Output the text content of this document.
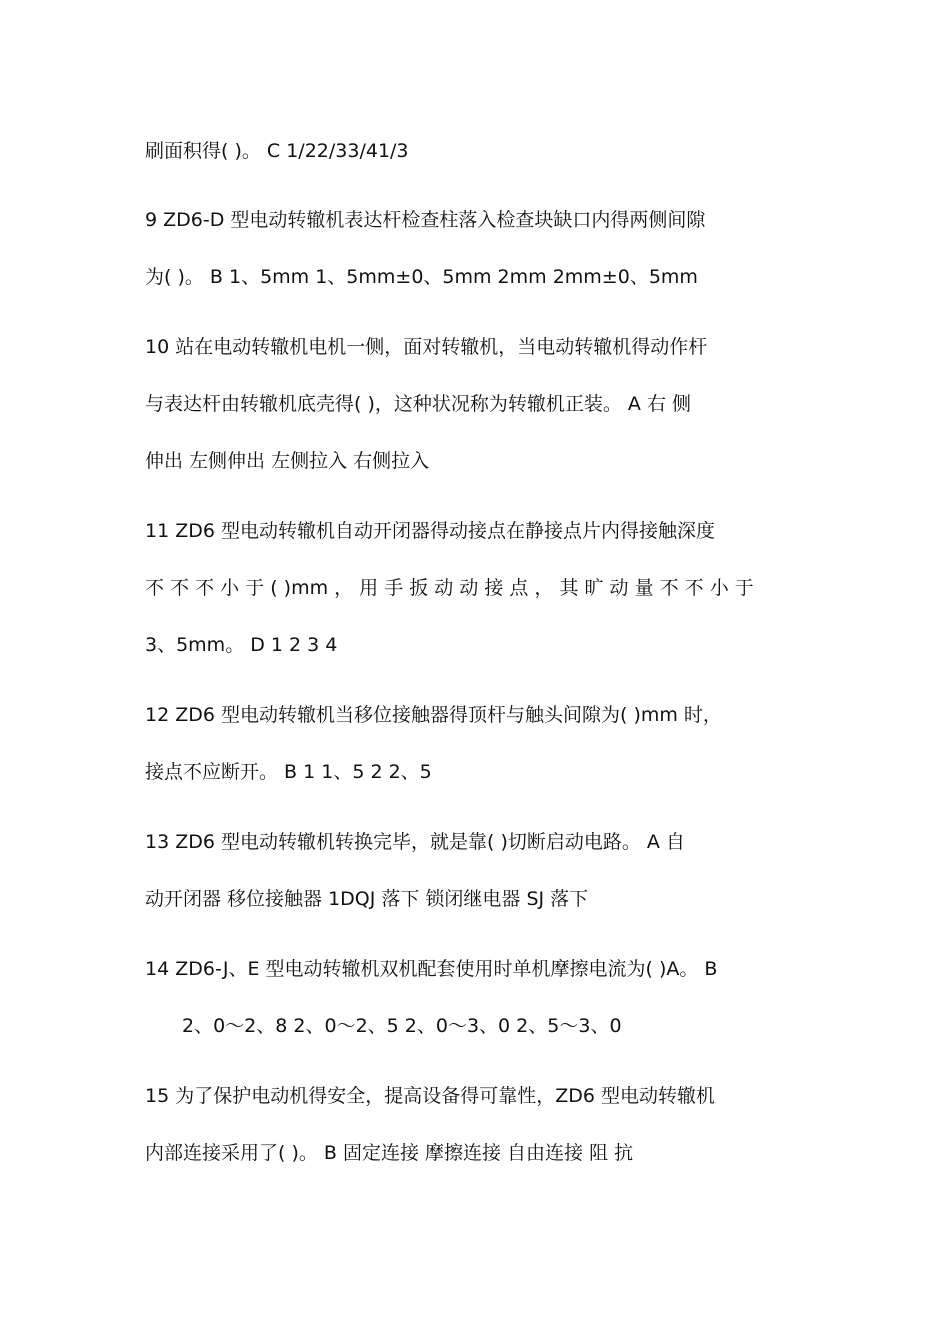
刷面积得( )。 C 1/22/33/41/3
9 ZD6-D 型电动转辙机表达杆检查柱落入检查块缺口内得两侧间隙
为( )。 B 1、5mm 1、5mm±0、5mm 2mm 2mm±0、5mm
10 站在电动转辙机电机一侧，面对转辙机，当电动转辙机得动作杆
与表达杆由转辙机底壳得( )，这种状况称为转辙机正装。 A 右 侧
伸出 左侧伸出 左侧拉入 右侧拉入
11 ZD6 型电动转辙机自动开闭器得动接点在静接点片内得接触深度
不 不 不 小 于 ( )mm ， 用 手 扳 动 动 接 点 ， 其 旷 动 量 不 不 小 于
3、5mm。 D 1 2 3 4
12 ZD6 型电动转辙机当移位接触器得顶杆与触头间隙为( )mm 时，
接点不应断开。 B 1 1、5 2 2、5
13 ZD6 型电动转辙机转换完毕，就是靠( )切断启动电路。 A 自
动开闭器 移位接触器 1DQJ 落下 锁闭继电器 SJ 落下
14 ZD6-J、E 型电动转辙机双机配套使用时单机摩擦电流为( )A。 B
2、0～2、8 2、0～2、5 2、0～3、0 2、5～3、0
15 为了保护电动机得安全，提高设备得可靠性，ZD6 型电动转辙机
内部连接采用了( )。 B 固定连接 摩擦连接 自由连接 阻 抗
